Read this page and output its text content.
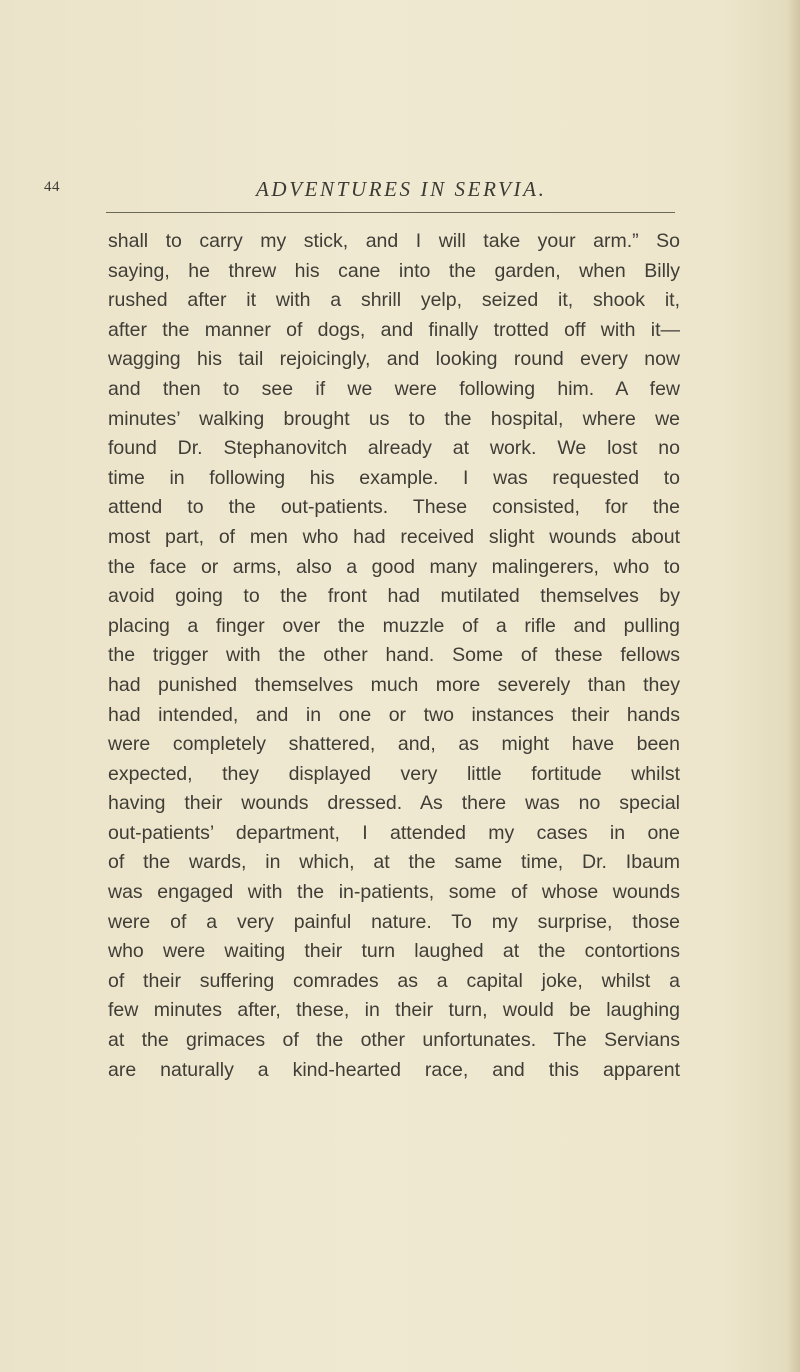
44	ADVENTURES IN SERVIA.
shall to carry my stick, and I will take your arm.” So
saying, he threw his cane into the garden, when Billy
rushed after it with a shrill yelp, seized it, shook it,
after the manner of dogs, and finally trotted off with it—
wagging his tail rejoicingly, and looking round every now
and then to see if we were following him. A few
minutes’ walking brought us to the hospital, where we
found Dr. Stephanovitch already at work. We lost no
time in following his example. I was requested to
attend to the out-patients. These consisted, for the
most part, of men who had received slight wounds about
the face or arms, also a good many malingerers, who to
avoid going to the front had mutilated themselves by
placing a finger over the muzzle of a rifle and pulling
the trigger with the other hand. Some of these fellows
had punished themselves much more severely than they
had intended, and in one or two instances their hands
were completely shattered, and, as might have been
expected, they displayed very little fortitude whilst
having their wounds dressed. As there was no special
out-patients’ department, I attended my cases in one
of the wards, in which, at the same time, Dr. Ibaum
was engaged with the in-patients, some of whose wounds
were of a very painful nature. To my surprise, those
who were waiting their turn laughed at the contortions
of their suffering comrades as a capital joke, whilst a
few minutes after, these, in their turn, would be laughing
at the grimaces of the other unfortunates. The Servians
are naturally a kind-hearted race, and this apparent
